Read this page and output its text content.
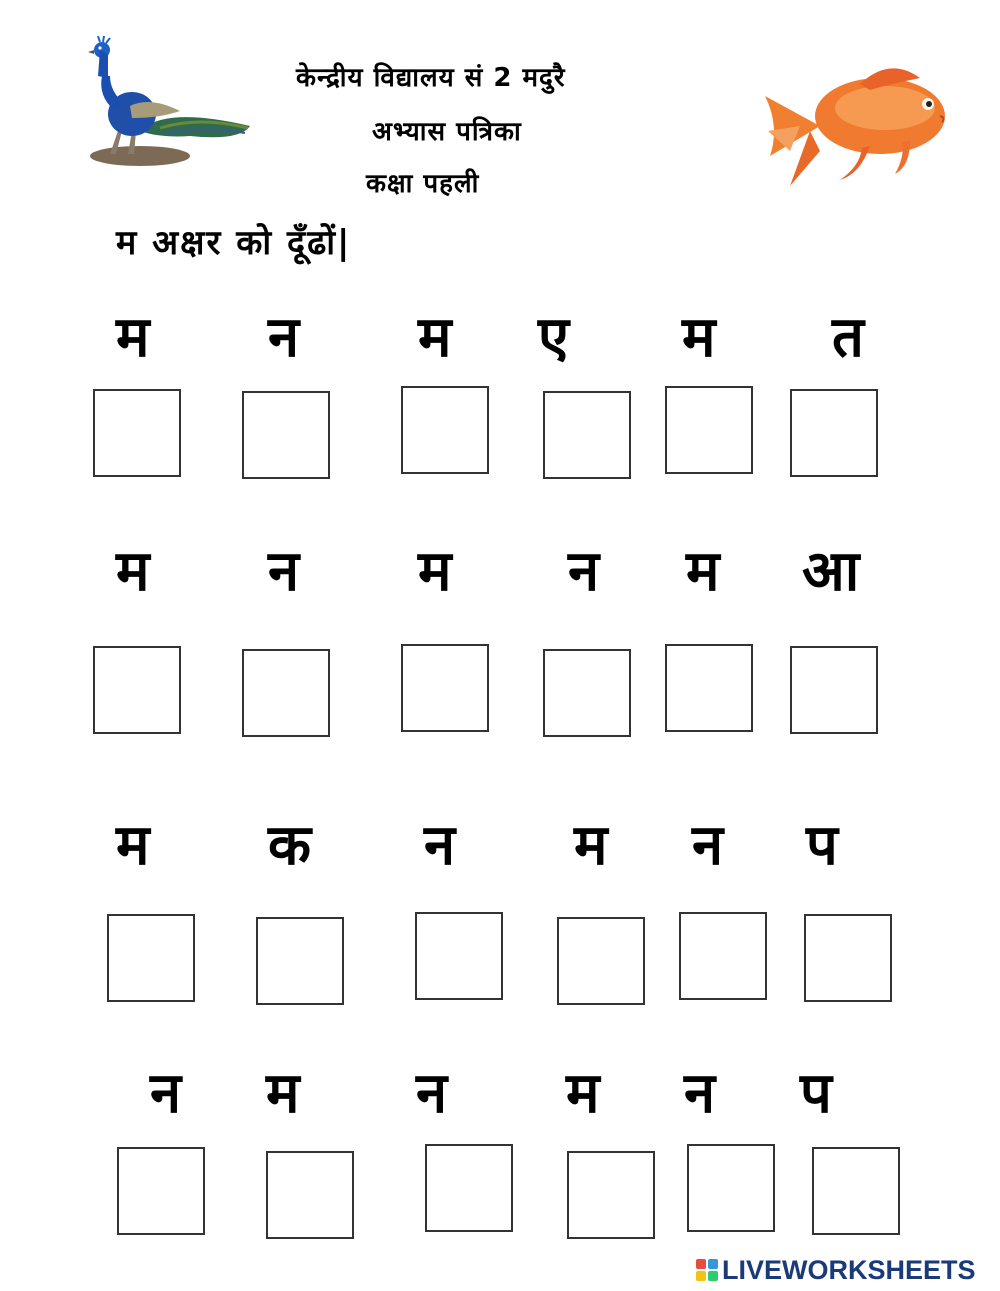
केन्द्रीय विद्यालय सं 2 मदुरै
अभ्यास पत्रिका
कक्षा पहली
म अक्षर को दूँढों|
म न म ए म त
म न म न म आ
म क न म न प
न म न म न प
LIVEWORKSHEETS
